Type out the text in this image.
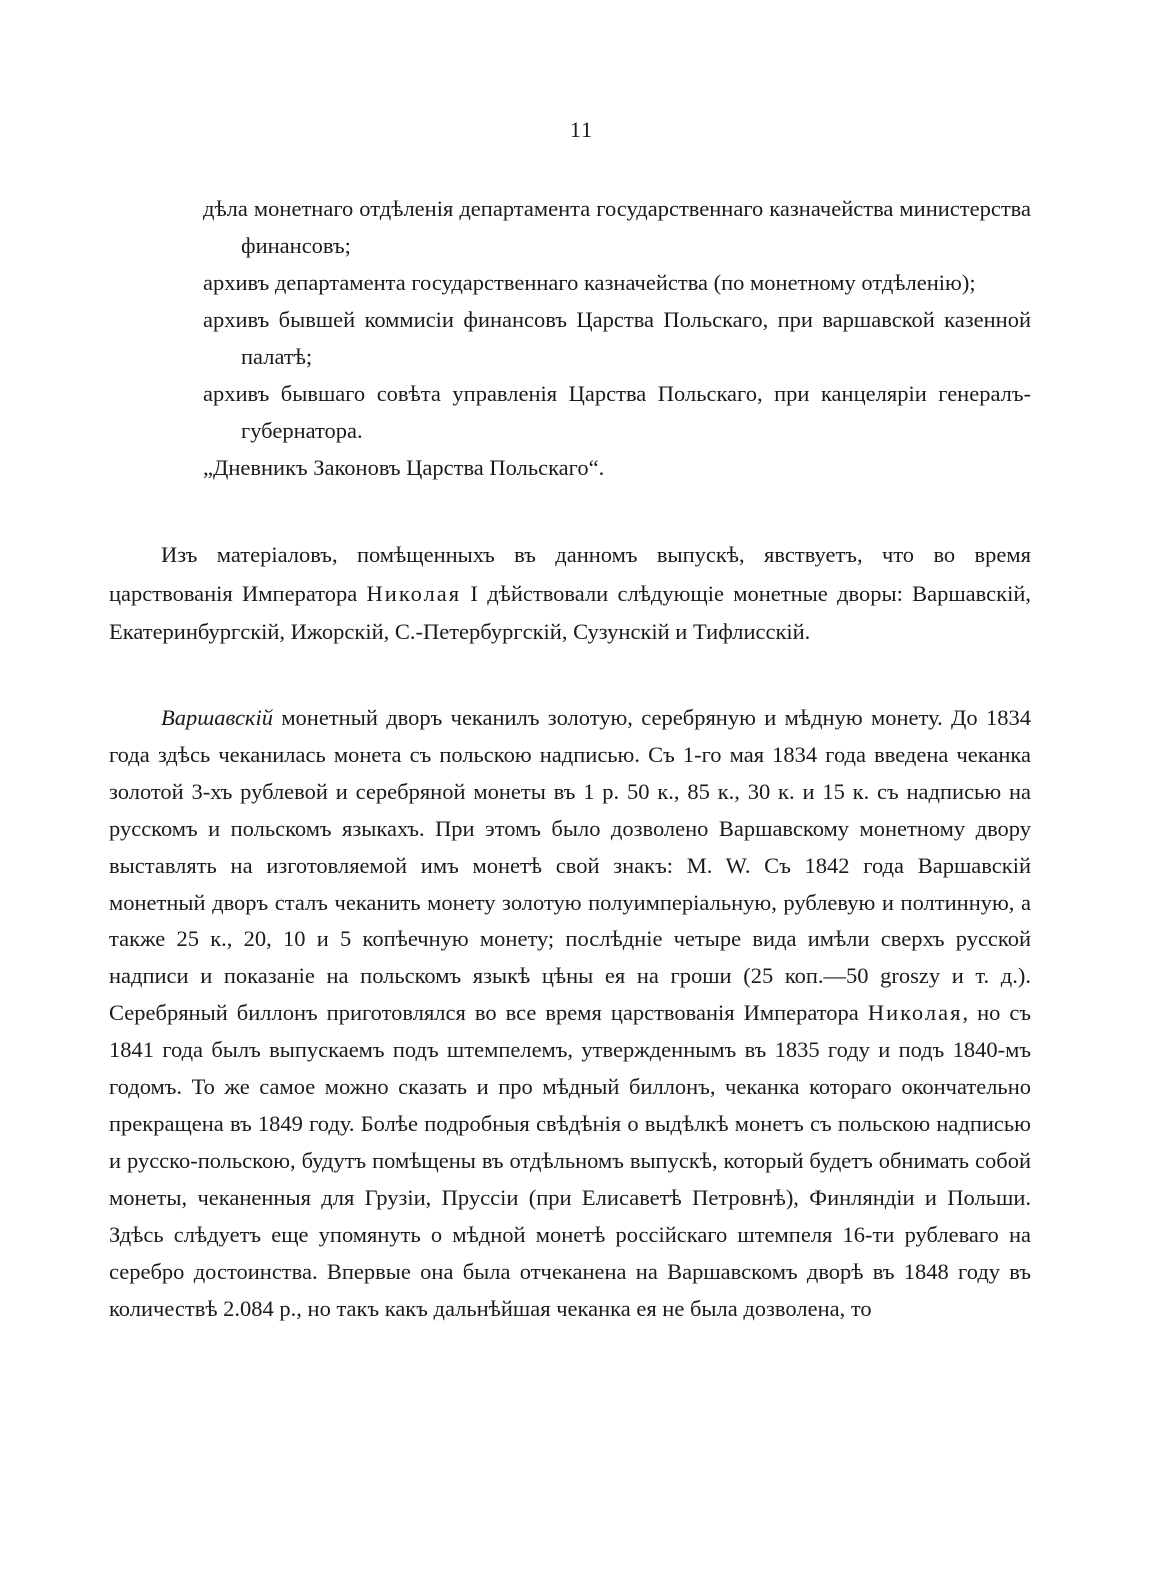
11
дѣла монетнаго отдѣленія департамента государственнаго казначейства министерства финансовъ;
архивъ департамента государственнаго казначейства (по монетному отдѣленію);
архивъ бывшей коммисіи финансовъ Царства Польскаго, при варшавской казенной палатѣ;
архивъ бывшаго совѣта управленія Царства Польскаго, при канцеляріи генералъ-губернатора.
„Дневникъ Законовъ Царства Польскаго“.

Изъ матеріаловъ, помѣщенныхъ въ данномъ выпускѣ, явствуетъ, что во время царствованія Императора Николая I дѣйствовали слѣдующіе монетные дворы: Варшавскій, Екатеринбургскій, Ижорскій, С.-Петербургскій, Сузунскій и Тифлисскій.

Варшавскій монетный дворъ чеканилъ золотую, серебряную и мѣдную монету. До 1834 года здѣсь чеканилась монета съ польскою надписью. Съ 1-го мая 1834 года введена чеканка золотой 3-хъ рублевой и серебряной монеты въ 1 р. 50 к., 85 к., 30 к. и 15 к. съ надписью на русскомъ и польскомъ языкахъ. При этомъ было дозволено Варшавскому монетному двору выставлять на изготовляемой имъ монетѣ свой знакъ: M. W. Съ 1842 года Варшавскій монетный дворъ сталъ чеканить монету золотую полуимперіальную, рублевую и полтинную, а также 25 к., 20, 10 и 5 копѣечную монету; послѣдніе четыре вида имѣли сверхъ русской надписи и показаніе на польскомъ языкѣ цѣны ея на гроши (25 коп.—50 groszy и т. д.). Серебряный биллонъ приготовлялся во все время царствованія Императора Николая, но съ 1841 года былъ выпускаемъ подъ штемпелемъ, утвержденнымъ въ 1835 году и подъ 1840-мъ годомъ. То же самое можно сказать и про мѣдный биллонъ, чеканка котораго окончательно прекращена въ 1849 году. Болѣе подробныя свѣдѣнія о выдѣлкѣ монетъ съ польскою надписью и русско-польскою, будутъ помѣщены въ отдѣльномъ выпускѣ, который будетъ обнимать собой монеты, чеканенныя для Грузіи, Пруссіи (при Елисаветѣ Петровнѣ), Финляндіи и Польши. Здѣсь слѣдуетъ еще упомянуть о мѣдной монетѣ россійскаго штемпеля 16-ти рублеваго на серебро достоинства. Впервые она была отчеканена на Варшавскомъ дворѣ въ 1848 году въ количествѣ 2.084 р., но такъ какъ дальнѣйшая чеканка ея не была дозволена, то
